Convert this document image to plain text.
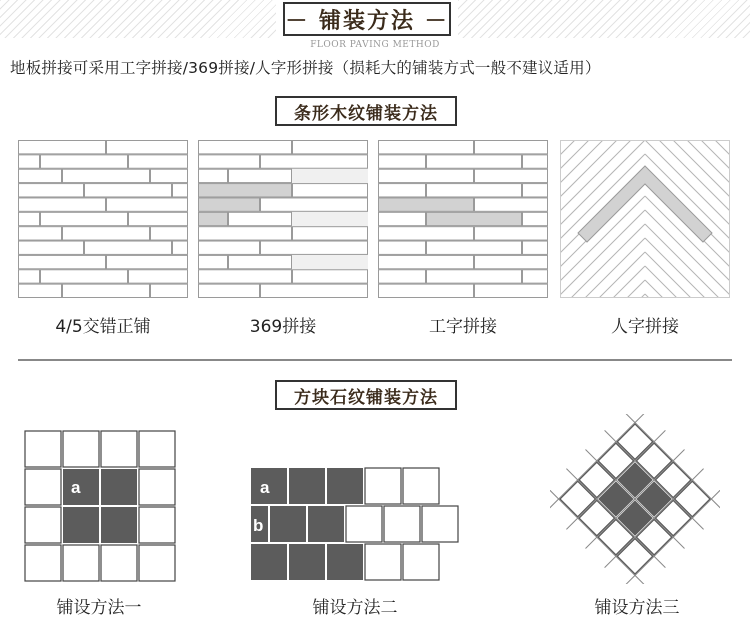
－ 铺装方法 －
FLOOR PAVING METHOD
地板拼接可采用工字拼接/369拼接/人字形拼接（损耗大的铺装方式一般不建议适用）
条形木纹铺装方法
4/5交错正铺	369拼接	工字拼接	人字拼接
方块石纹铺装方法
a	a
b
铺设方法一	铺设方法二	铺设方法三
